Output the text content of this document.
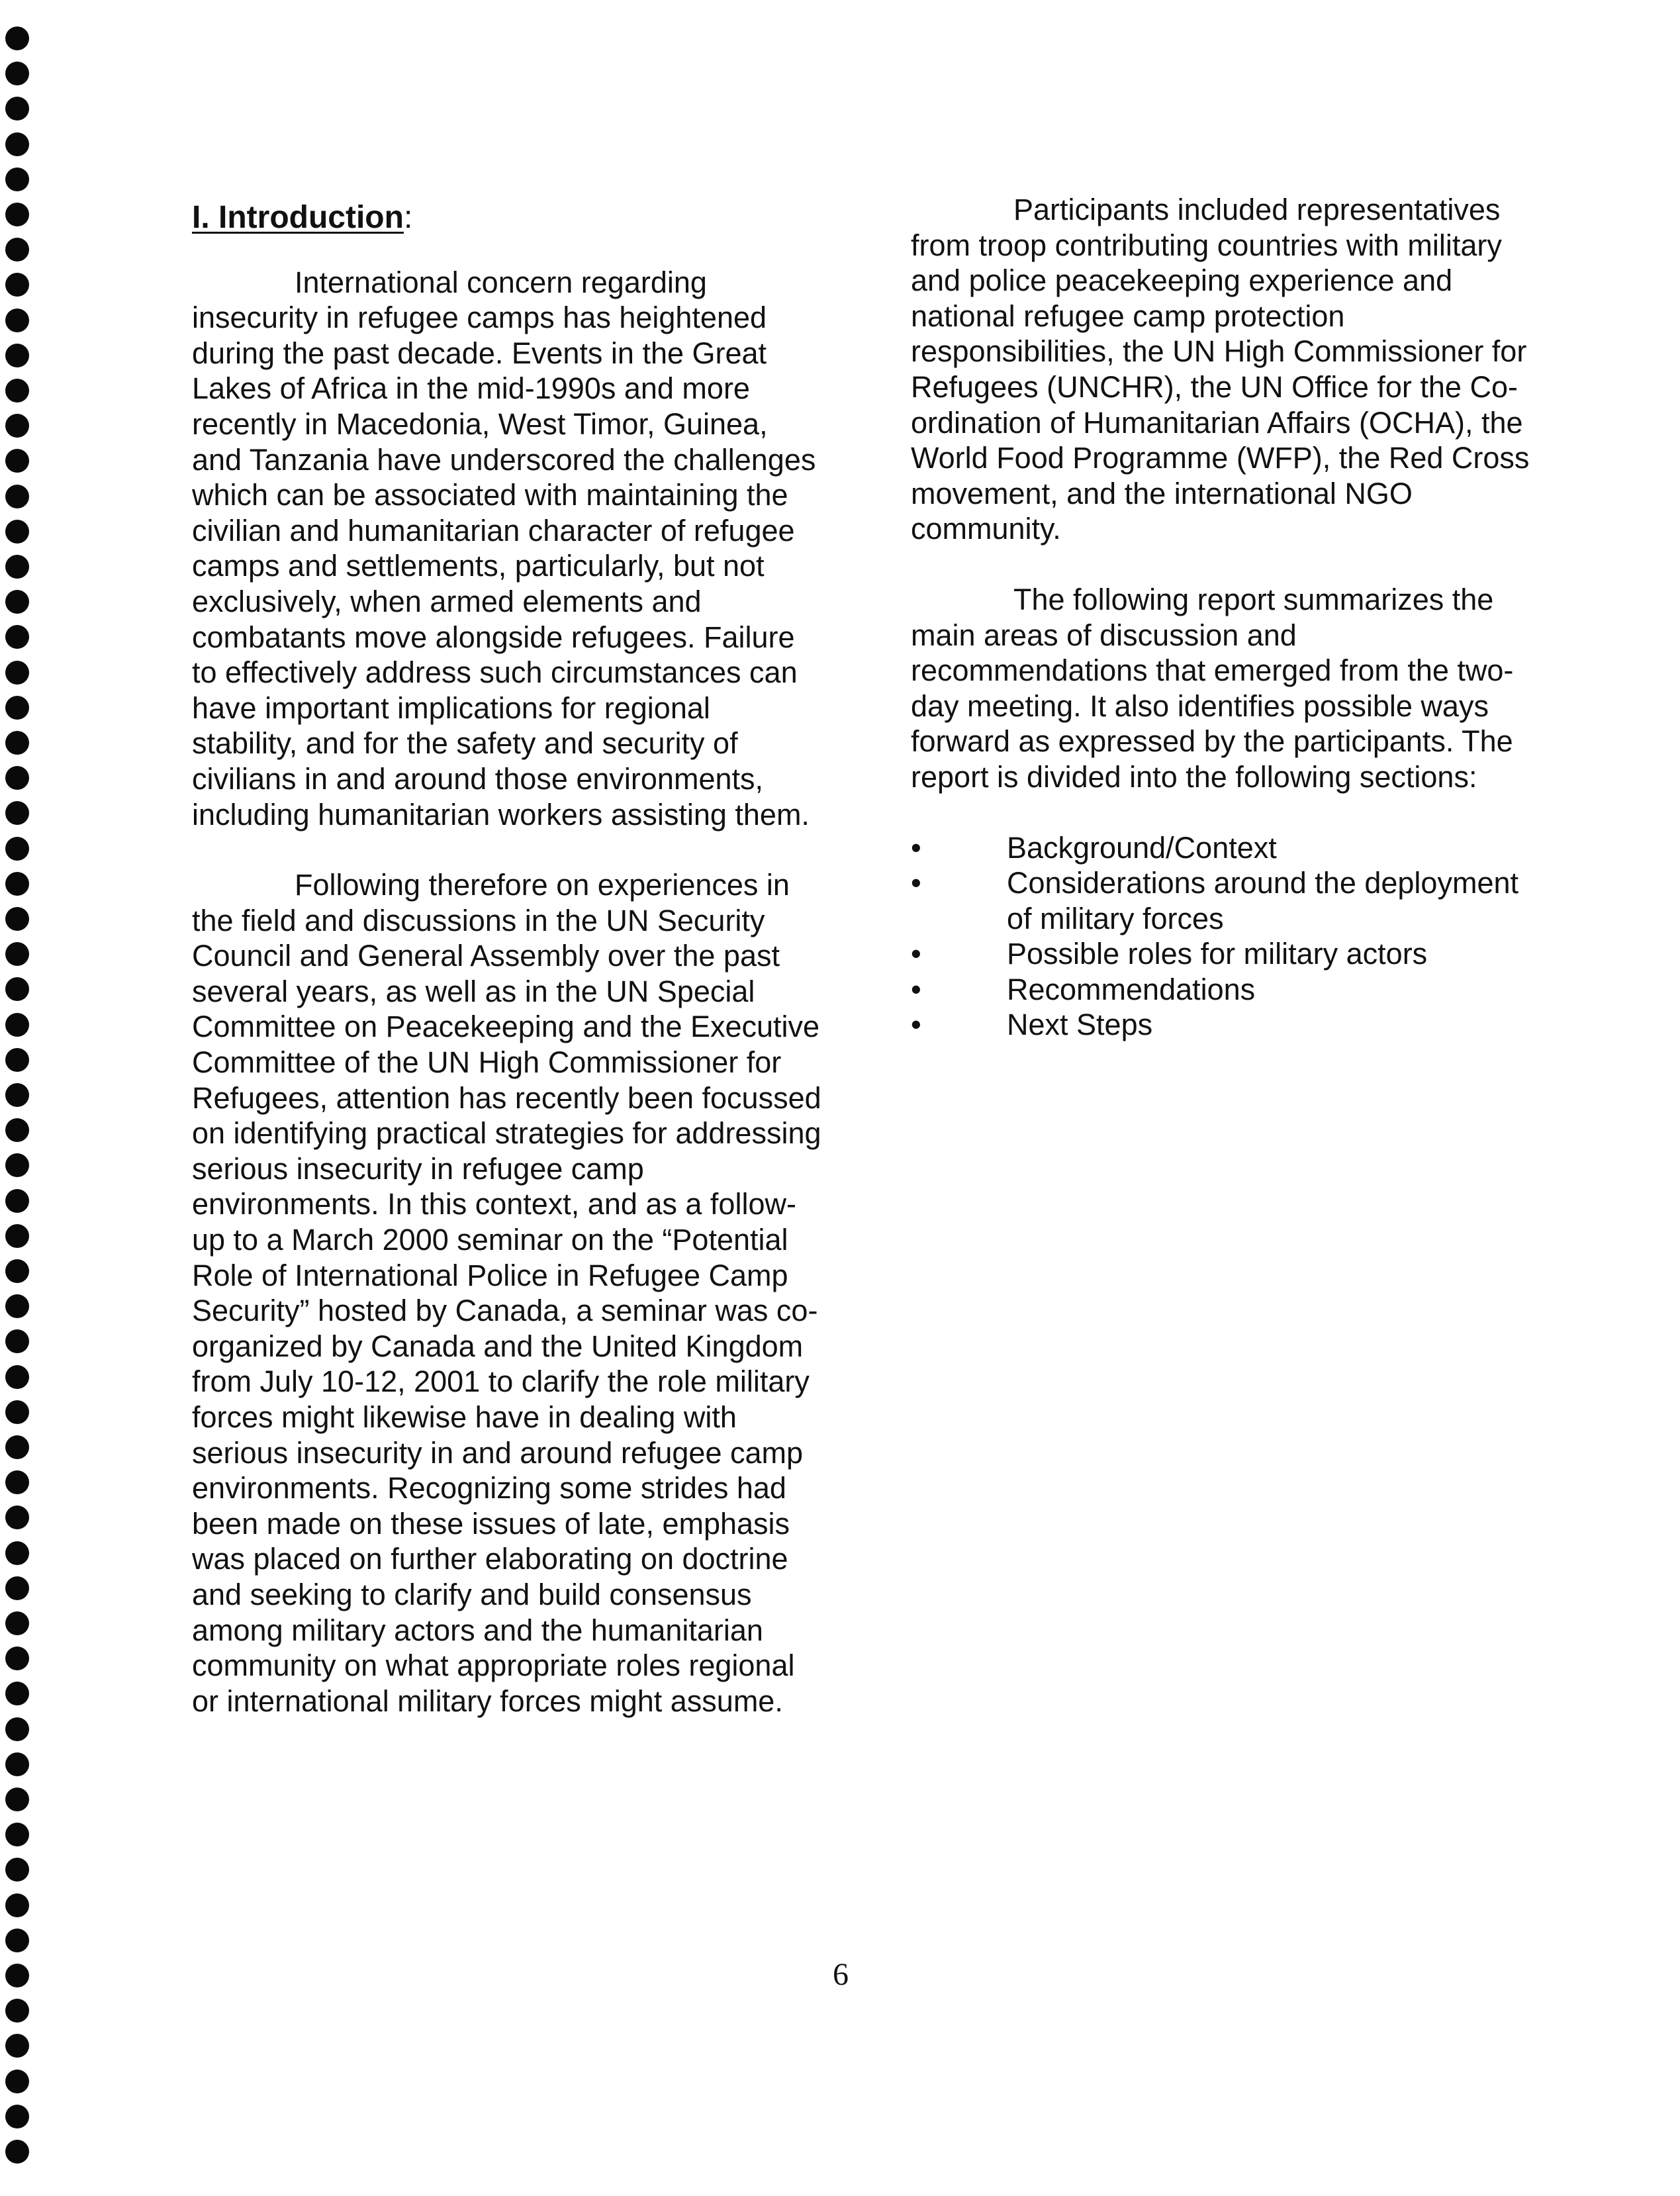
I. Introduction:

International concern regarding insecurity in refugee camps has heightened during the past decade. Events in the Great Lakes of Africa in the mid-1990s and more recently in Macedonia, West Timor, Guinea, and Tanzania have underscored the challenges which can be associated with maintaining the civilian and humanitarian character of refugee camps and settlements, particularly, but not exclusively, when armed elements and combatants move alongside refugees. Failure to effectively address such circumstances can have important implications for regional stability, and for the safety and security of civilians in and around those environments, including humanitarian workers assisting them.

Following therefore on experiences in the field and discussions in the UN Security Council and General Assembly over the past several years, as well as in the UN Special Committee on Peacekeeping and the Executive Committee of the UN High Commissioner for Refugees, attention has recently been focussed on identifying practical strategies for addressing serious insecurity in refugee camp environments. In this context, and as a follow-up to a March 2000 seminar on the “Potential Role of International Police in Refugee Camp Security” hosted by Canada, a seminar was co-organized by Canada and the United Kingdom from July 10-12, 2001 to clarify the role military forces might likewise have in dealing with serious insecurity in and around refugee camp environments. Recognizing some strides had been made on these issues of late, emphasis was placed on further elaborating on doctrine and seeking to clarify and build consensus among military actors and the humanitarian community on what appropriate roles regional or international military forces might assume.

Participants included representatives from troop contributing countries with military and police peacekeeping experience and national refugee camp protection responsibilities, the UN High Commissioner for Refugees (UNCHR), the UN Office for the Co-ordination of Humanitarian Affairs (OCHA), the World Food Programme (WFP), the Red Cross movement, and the international NGO community.

The following report summarizes the main areas of discussion and recommendations that emerged from the two-day meeting. It also identifies possible ways forward as expressed by the participants. The report is divided into the following sections:

•	Background/Context
•	Considerations around the deployment of military forces
•	Possible roles for military actors
•	Recommendations
•	Next Steps
6
